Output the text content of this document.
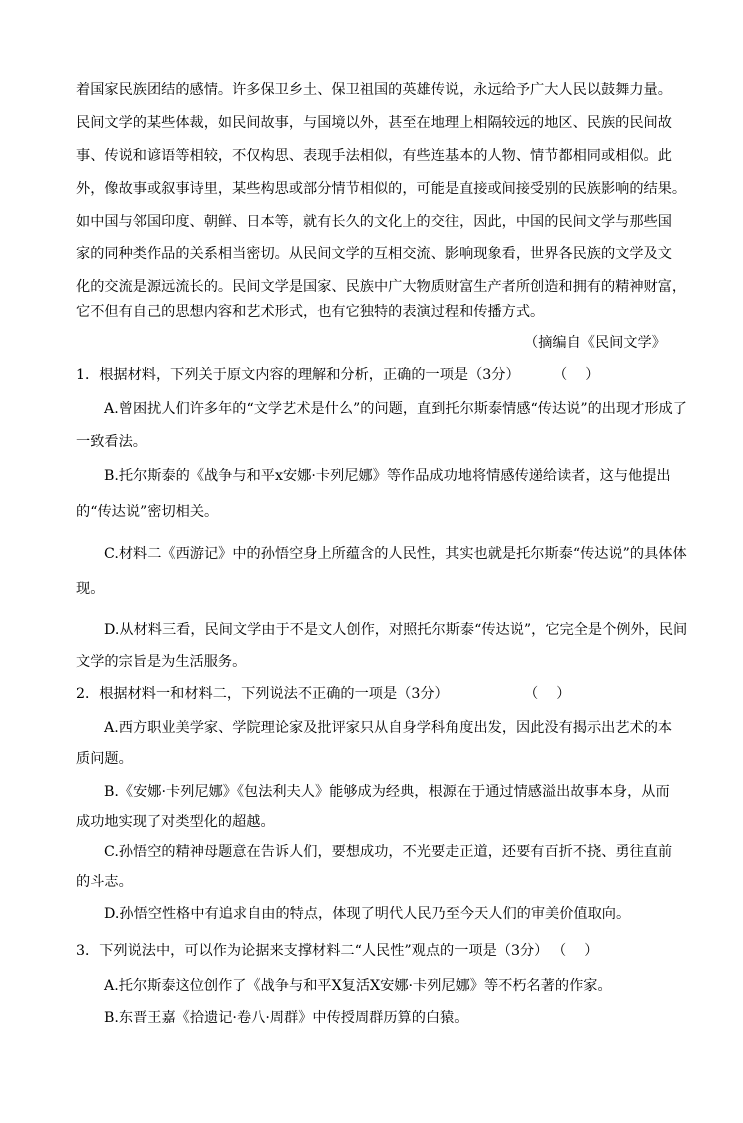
着国家民族团结的感情。许多保卫乡土、保卫祖国的英雄传说，永远给予广大人民以鼓舞力量。
民间文学的某些体裁，如民间故事，与国境以外，甚至在地理上相隔较远的地区、民族的民间故
事、传说和谚语等相较，不仅构思、表现手法相似，有些连基本的人物、情节都相同或相似。此
外，像故事或叙事诗里，某些构思或部分情节相似的，可能是直接或间接受别的民族影响的结果。
如中国与邻国印度、朝鲜、日本等，就有长久的文化上的交往，因此，中国的民间文学与那些国
家的同种类作品的关系相当密切。从民间文学的互相交流、影响现象看，世界各民族的文学及文
化的交流是源远流长的。民间文学是国家、民族中广大物质财富生产者所创造和拥有的精神财富，
它不但有自己的思想内容和艺术形式，也有它独特的表演过程和传播方式。
（摘编自《民间文学》
1．根据材料，下列关于原文内容的理解和分析，正确的一项是（3分） （    ）
A.曾困扰人们许多年的“文学艺术是什么”的问题，直到托尔斯泰情感“传达说”的出现才形成了
一致看法。
B.托尔斯泰的《战争与和平x安娜·卡列尼娜》等作品成功地将情感传递给读者，这与他提出
的“传达说”密切相关。
C.材料二《西游记》中的孙悟空身上所蕴含的人民性，其实也就是托尔斯泰“传达说”的具体体
现。
D.从材料三看，民间文学由于不是文人创作，对照托尔斯泰“传达说”，它完全是个例外，民间
文学的宗旨是为生活服务。
2．根据材料一和材料二，下列说法不正确的一项是（3分）	（    ）
A.西方职业美学家、学院理论家及批评家只从自身学科角度出发，因此没有揭示出艺术的本
质问题。
B.《安娜·卡列尼娜》《包法利夫人》能够成为经典，根源在于通过情感溢出故事本身，从而
成功地实现了对类型化的超越。
C.孙悟空的精神母题意在告诉人们，要想成功，不光要走正道，还要有百折不挠、勇往直前
的斗志。
D.孙悟空性格中有追求自由的特点，体现了明代人民乃至今天人们的审美价值取向。
3．下列说法中，可以作为论据来支撑材料二“人民性”观点的一项是（3分） （    ）
A.托尔斯泰这位创作了《战争与和平X复活X安娜·卡列尼娜》等不朽名著的作家。
B.东晋王嘉《拾遗记·卷八·周群》中传授周群历算的白猿。
